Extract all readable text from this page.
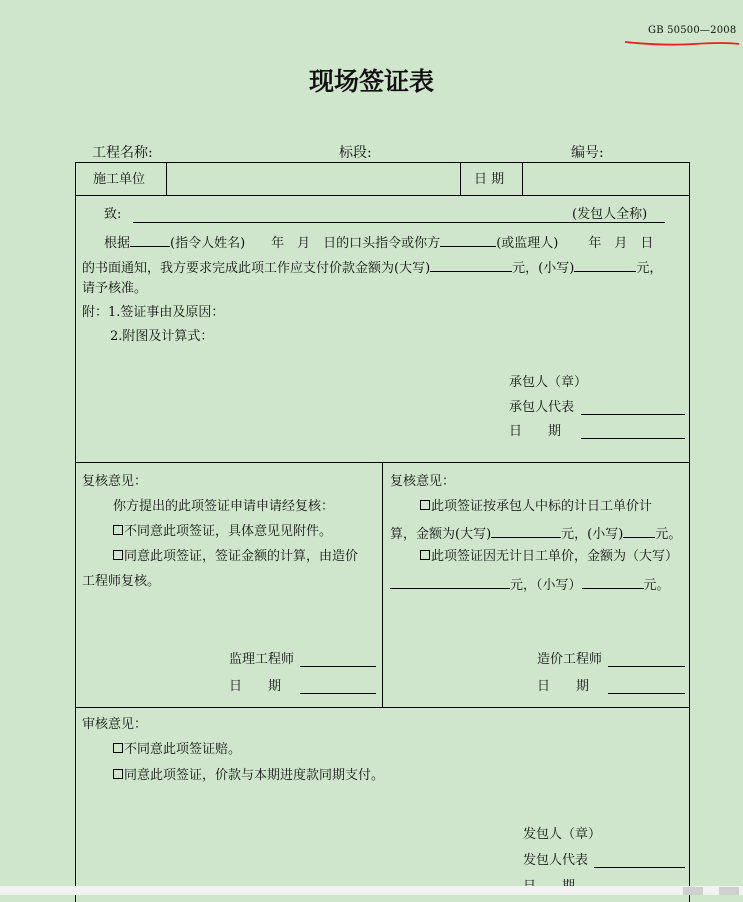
GB 50500—2008
现场签证表
工程名称:	标段:	编号:
施工单位	日 期
致:	(发包人全称)
根据	(指令人姓名) 年　月　日的口头指令或你方	(或监理人) 年　月　日
的书面通知，我方要求完成此项工作应支付价款金额为(大写)	元，(小写)	元，
请予核准。
附：1.签证事由及原因：
2.附图及计算式：
承包人（章）
承包人代表
日　　期
复核意见：
你方提出的此项签证申请申请经复核：
不同意此项签证，具体意见见附件。
同意此项签证，签证金额的计算，由造价
工程师复核。
监理工程师
日　　期
复核意见：
此项签证按承包人中标的计日工单价计
算，金额为(大写)	元，(小写) 元。
此项签证因无计日工单价，金额为（大写）
元，（小写）	元。
造价工程师
日　　期
审核意见：
不同意此项签证赔。
同意此项签证，价款与本期进度款同期支付。
发包人（章）
发包人代表
